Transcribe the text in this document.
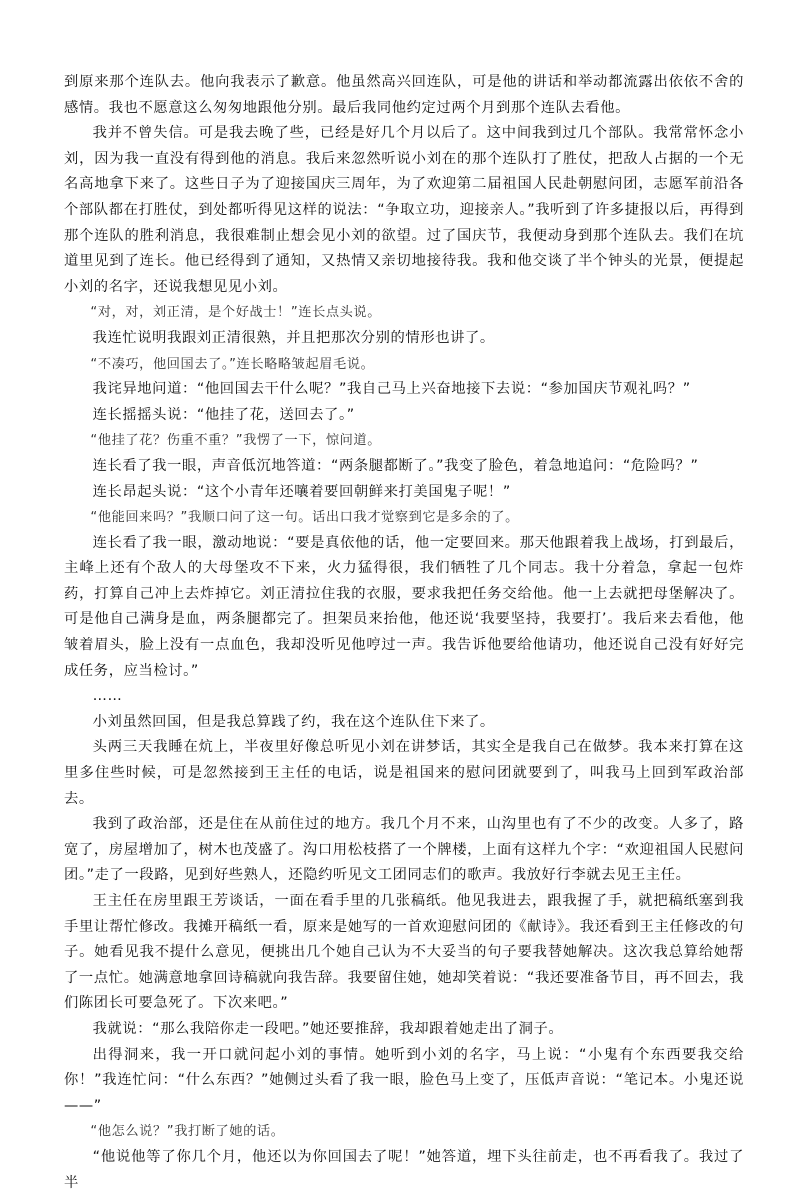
到原来那个连队去。他向我表示了歉意。他虽然高兴回连队，可是他的讲话和举动都流露出依依不舍的感情。我也不愿意这么匆匆地跟他分别。最后我同他约定过两个月到那个连队去看他。

我并不曾失信。可是我去晚了些，已经是好几个月以后了。这中间我到过几个部队。我常常怀念小刘，因为我一直没有得到他的消息。我后来忽然听说小刘在的那个连队打了胜仗，把敌人占据的一个无名高地拿下来了。这些日子为了迎接国庆三周年，为了欢迎第二届祖国人民赴朝慰问团，志愿军前沿各个部队都在打胜仗，到处都听得见这样的说法：“争取立功，迎接亲人。”我听到了许多捷报以后，再得到那个连队的胜利消息，我很难制止想会见小刘的欲望。过了国庆节，我便动身到那个连队去。我们在坑道里见到了连长。他已经得到了通知，又热情又亲切地接待我。我和他交谈了半个钟头的光景，便提起小刘的名字，还说我想见见小刘。

“对，对，刘正清，是个好战士！”连长点头说。

我连忙说明我跟刘正清很熟，并且把那次分别的情形也讲了。

“不凑巧，他回国去了。”连长略略皱起眉毛说。

我诧异地问道：“他回国去干什么呢？”我自己马上兴奋地接下去说：“参加国庆节观礼吗？”

连长摇摇头说：“他挂了花，送回去了。”

“他挂了花？伤重不重？”我愣了一下，惊问道。

连长看了我一眼，声音低沉地答道：“两条腿都断了。”我变了脸色，着急地追问：“危险吗？”

连长昂起头说：“这个小青年还嚷着要回朝鲜来打美国鬼子呢！”

“他能回来吗？”我顺口问了这一句。话出口我才觉察到它是多余的了。

连长看了我一眼，激动地说：“要是真依他的话，他一定要回来。那天他跟着我上战场，打到最后，主峰上还有个敌人的大母堡攻不下来，火力猛得很，我们牺牲了几个同志。我十分着急，拿起一包炸药，打算自己冲上去炸掉它。刘正清拉住我的衣服，要求我把任务交给他。他一上去就把母堡解决了。可是他自己满身是血，两条腿都完了。担架员来抬他，他还说‘我要坚持，我要打’。我后来去看他，他皱着眉头，脸上没有一点血色，我却没听见他哼过一声。我告诉他要给他请功，他还说自己没有好好完成任务，应当检讨。”

……

小刘虽然回国，但是我总算践了约，我在这个连队住下来了。

头两三天我睡在炕上，半夜里好像总听见小刘在讲梦话，其实全是我自己在做梦。我本来打算在这里多住些时候，可是忽然接到王主任的电话，说是祖国来的慰问团就要到了，叫我马上回到军政治部去。

我到了政治部，还是住在从前住过的地方。我几个月不来，山沟里也有了不少的改变。人多了，路宽了，房屋增加了，树木也茂盛了。沟口用松枝搭了一个牌楼，上面有这样九个字：“欢迎祖国人民慰问团。”走了一段路，见到好些熟人，还隐约听见文工团同志们的歌声。我放好行李就去见王主任。

王主任在房里跟王芳谈话，一面在看手里的几张稿纸。他见我进去，跟我握了手，就把稿纸塞到我手里让帮忙修改。我摊开稿纸一看，原来是她写的一首欢迎慰问团的《献诗》。我还看到王主任修改的句子。她看见我不提什么意见，便挑出几个她自己认为不大妥当的句子要我替她解决。这次我总算给她帮了一点忙。她满意地拿回诗稿就向我告辞。我要留住她，她却笑着说：“我还要准备节目，再不回去，我们陈团长可要急死了。下次来吧。”

我就说：“那么我陪你走一段吧。”她还要推辞，我却跟着她走出了洞子。

出得洞来，我一开口就问起小刘的事情。她听到小刘的名字，马上说：“小鬼有个东西要我交给你！”我连忙问：“什么东西？”她侧过头看了我一眼，脸色马上变了，压低声音说：“笔记本。小鬼还说——”

“他怎么说？”我打断了她的话。

“他说他等了你几个月，他还以为你回国去了呢！”她答道，埋下头往前走，也不再看我了。我过了半
